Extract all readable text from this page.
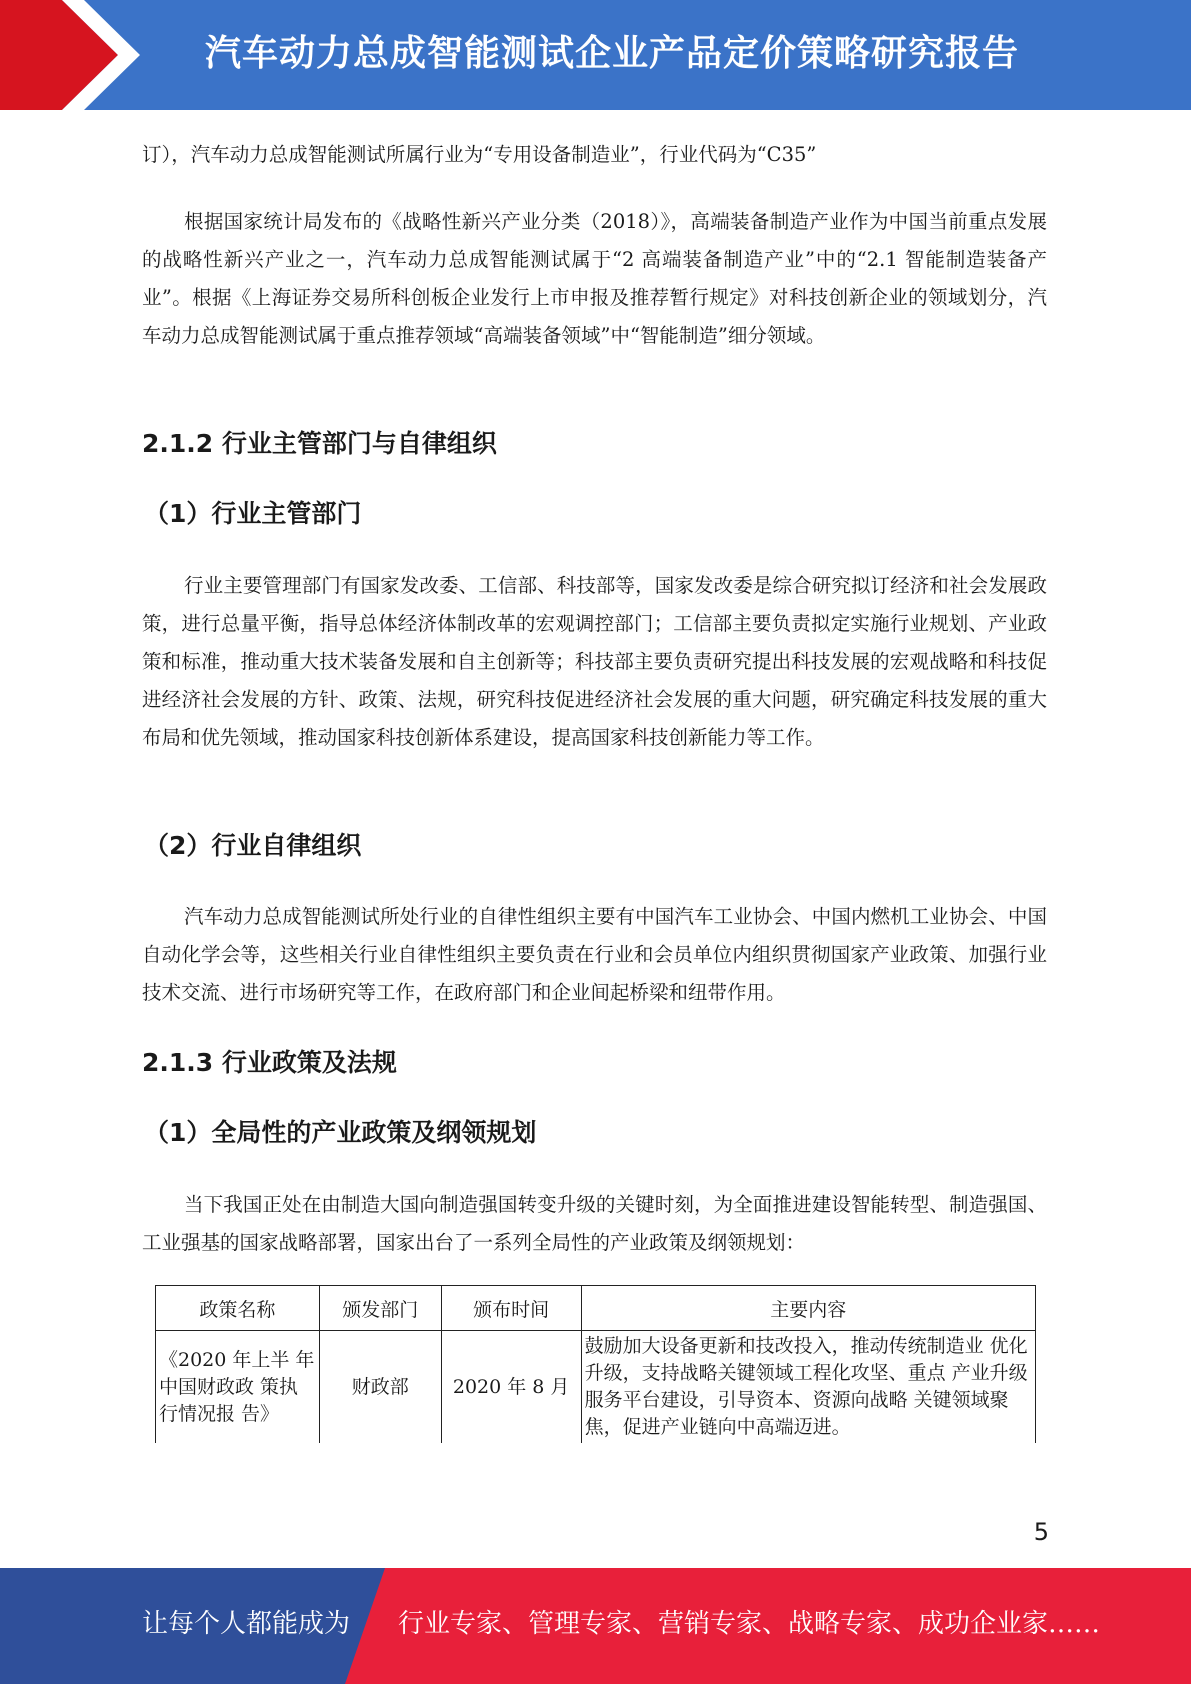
汽车动力总成智能测试企业产品定价策略研究报告

订），汽车动力总成智能测试所属行业为“专用设备制造业”，行业代码为“C35”

根据国家统计局发布的《战略性新兴产业分类（2018）》，高端装备制造产业作为中国当前重点发展的战略性新兴产业之一，汽车动力总成智能测试属于“2 高端装备制造产业”中的“2.1 智能制造装备产业”。根据《上海证券交易所科创板企业发行上市申报及推荐暂行规定》对科技创新企业的领域划分，汽车动力总成智能测试属于重点推荐领域“高端装备领域”中“智能制造”细分领域。

2.1.2 行业主管部门与自律组织
（1）行业主管部门

行业主要管理部门有国家发改委、工信部、科技部等，国家发改委是综合研究拟订经济和社会发展政策，进行总量平衡，指导总体经济体制改革的宏观调控部门；工信部主要负责拟定实施行业规划、产业政策和标准，推动重大技术装备发展和自主创新等；科技部主要负责研究提出科技发展的宏观战略和科技促进经济社会发展的方针、政策、法规，研究科技促进经济社会发展的重大问题，研究确定科技发展的重大布局和优先领域，推动国家科技创新体系建设，提高国家科技创新能力等工作。

（2）行业自律组织

汽车动力总成智能测试所处行业的自律性组织主要有中国汽车工业协会、中国内燃机工业协会、中国自动化学会等，这些相关行业自律性组织主要负责在行业和会员单位内组织贯彻国家产业政策、加强行业技术交流、进行市场研究等工作，在政府部门和企业间起桥梁和纽带作用。

2.1.3 行业政策及法规
（1）全局性的产业政策及纲领规划

当下我国正处在由制造大国向制造强国转变升级的关键时刻，为全面推进建设智能转型、制造强国、工业强基的国家战略部署，国家出台了一系列全局性的产业政策及纲领规划：

政策名称	颁发部门	颁布时间	主要内容
《2020 年上半 年中国财政政 策执行情况报 告》	财政部	2020 年 8 月	鼓励加大设备更新和技改投入，推动传统制造业 优化升级，支持战略关键领域工程化攻坚、重点 产业升级服务平台建设，引导资本、资源向战略 关键领域聚焦，促进产业链向中高端迈进。
5
让每个人都能成为 行业专家、管理专家、营销专家、战略专家、成功企业家……
